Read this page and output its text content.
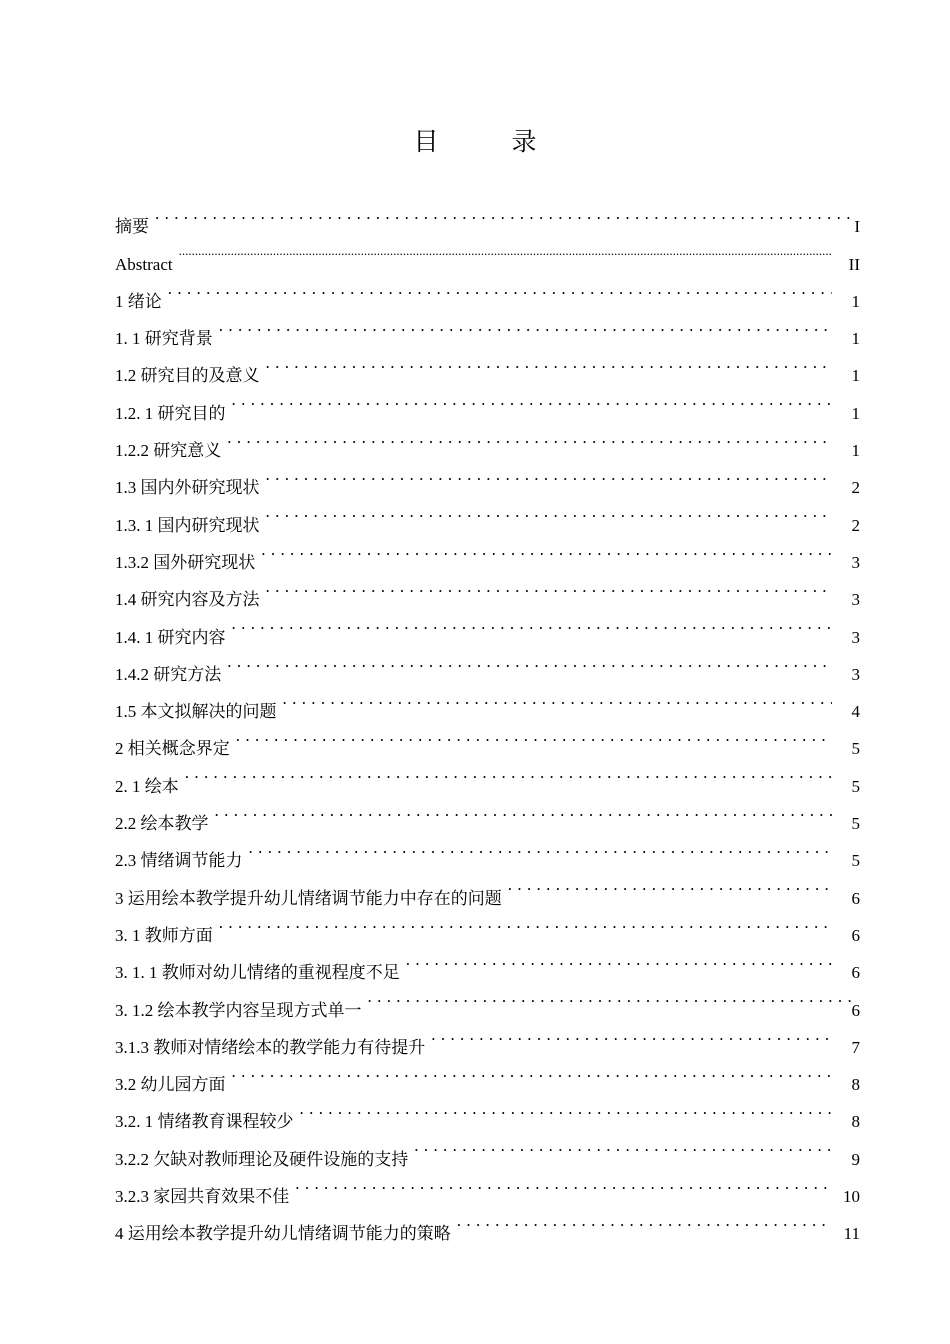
目　录
摘要 . . .	I
Abstract .....	II
1 绪论 . . .	1
1. 1 研究背景 . . .	1
1.2 研究目的及意义 . . .	1
1.2. 1 研究目的 . . .	1
1.2.2 研究意义 . . .	1
1.3 国内外研究现状 . . .	2
1.3. 1 国内研究现状 . . .	2
1.3.2 国外研究现状 . . .	3
1.4 研究内容及方法 . . .	3
1.4. 1 研究内容 . . .	3
1.4.2 研究方法 . . .	3
1.5 本文拟解决的问题 . . .	4
2 相关概念界定 . . .	5
2. 1 绘本 . . .	5
2.2 绘本教学 . . .	5
2.3 情绪调节能力 . . .	5
3 运用绘本教学提升幼儿情绪调节能力中存在的问题 . . .	6
3. 1 教师方面 . . .	6
3. 1. 1 教师对幼儿情绪的重视程度不足 . . .	6
3. 1.2 绘本教学内容呈现方式单一 . . .	6
3.1.3 教师对情绪绘本的教学能力有待提升 . . .	7
3.2 幼儿园方面 . . .	8
3.2. 1 情绪教育课程较少 . . .	8
3.2.2 欠缺对教师理论及硬件设施的支持 . . .	9
3.2.3 家园共育效果不佳 . . .	10
4 运用绘本教学提升幼儿情绪调节能力的策略 . . .	11
